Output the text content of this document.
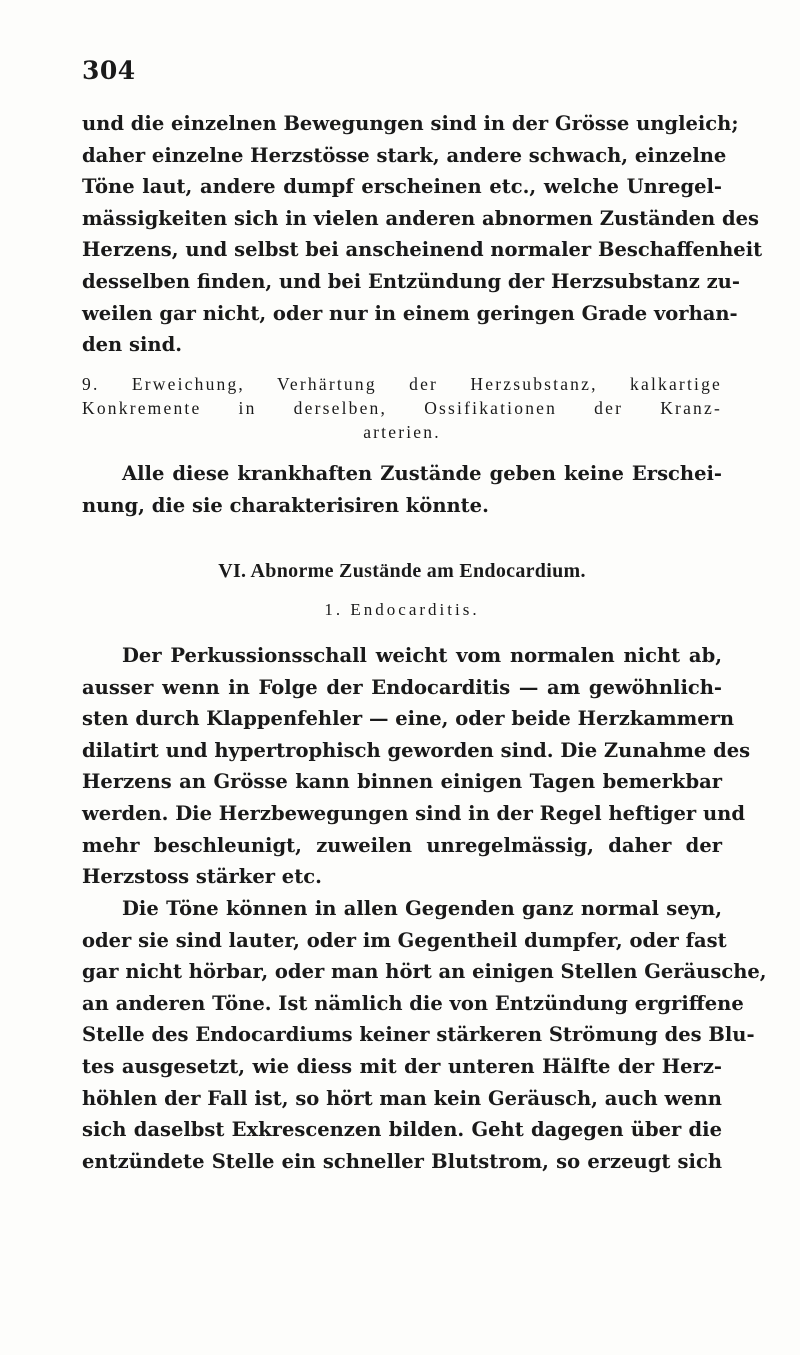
304
und die einzelnen Bewegungen sind in der Grösse ungleich;
daher einzelne Herzstösse stark, andere schwach, einzelne
Töne laut, andere dumpf erscheinen etc., welche Unregel-
mässigkeiten sich in vielen anderen abnormen Zuständen des
Herzens, und selbst bei anscheinend normaler Beschaffenheit
desselben finden, und bei Entzündung der Herzsubstanz zu-
weilen gar nicht, oder nur in einem geringen Grade vorhan-
den sind.
9. Erweichung, Verhärtung der Herzsubstanz, kalkartige
Konkremente in derselben, Ossifikationen der Kranz-
arterien.
Alle diese krankhaften Zustände geben keine Erschei-
nung, die sie charakterisiren könnte.
VI. Abnorme Zustände am Endocardium.
1. Endocarditis.
Der Perkussionsschall weicht vom normalen nicht ab,
ausser wenn in Folge der Endocarditis — am gewöhnlich-
sten durch Klappenfehler — eine, oder beide Herzkammern
dilatirt und hypertrophisch geworden sind. Die Zunahme des
Herzens an Grösse kann binnen einigen Tagen bemerkbar
werden. Die Herzbewegungen sind in der Regel heftiger und
mehr beschleunigt, zuweilen unregelmässig, daher der
Herzstoss stärker etc.
Die Töne können in allen Gegenden ganz normal seyn,
oder sie sind lauter, oder im Gegentheil dumpfer, oder fast
gar nicht hörbar, oder man hört an einigen Stellen Geräusche,
an anderen Töne. Ist nämlich die von Entzündung ergriffene
Stelle des Endocardiums keiner stärkeren Strömung des Blu-
tes ausgesetzt, wie diess mit der unteren Hälfte der Herz-
höhlen der Fall ist, so hört man kein Geräusch, auch wenn
sich daselbst Exkrescenzen bilden. Geht dagegen über die
entzündete Stelle ein schneller Blutstrom, so erzeugt sich
